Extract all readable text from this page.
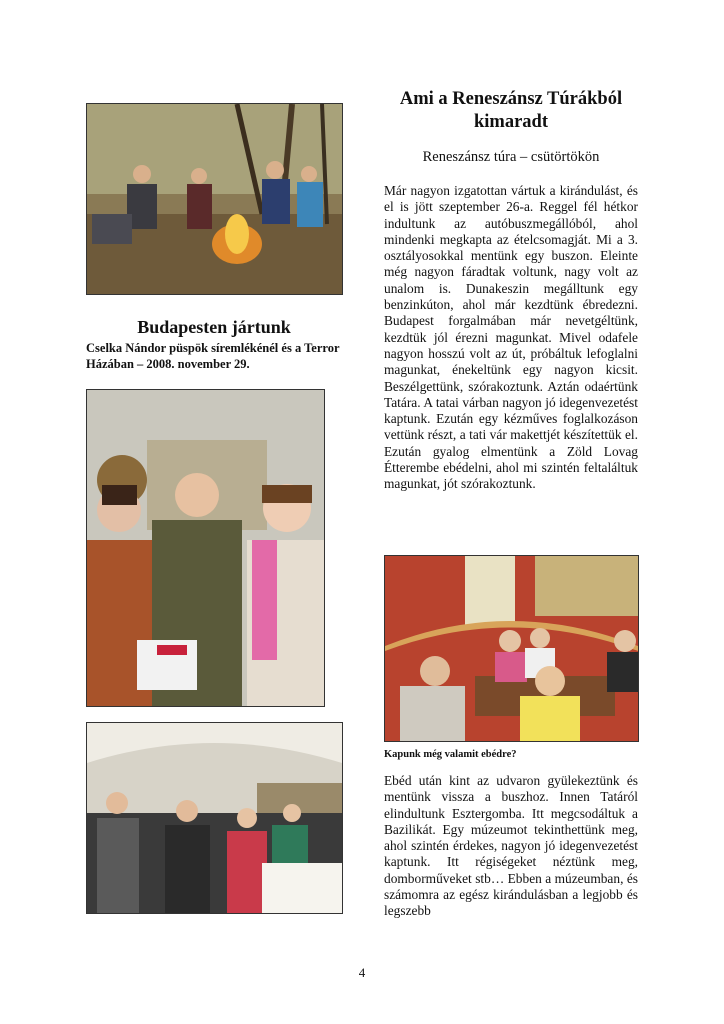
Budapesten jártunk

Cselka Nándor püspök síremlékénél és a Terror Házában – 2008. november 29.

Ami a Reneszánsz Túrákból kimaradt

Reneszánsz túra – csütörtökön

Már nagyon izgatottan vártuk a kirándulást, és el is jött szeptember 26-a. Reggel fél hétkor indultunk az autóbuszmegállóból, ahol mindenki megkapta az ételcsomagját. Mi a 3. osztályosokkal mentünk egy buszon. Eleinte még nagyon fáradtak voltunk, nagy volt az unalom is. Dunakeszin megálltunk egy benzinkúton, ahol már kezdtünk ébredezni. Budapest forgalmában már nevetgéltünk, kezdtük jól érezni magunkat. Mivel odafele nagyon hosszú volt az út, próbáltuk lefoglalni magunkat, énekeltünk egy nagyon kicsit. Beszélgettünk, szórakoztunk. Aztán odaértünk Tatára. A tatai várban nagyon jó idegenvezetést kaptunk. Ezután egy kézműves foglalkozáson vettünk részt, a tati vár makettjét készítettük el. Ezután gyalog elmentünk a Zöld Lovag Étterembe ebédelni, ahol mi szintén feltaláltuk magunkat, jót szórakoztunk.

Kapunk még valamit ebédre?

Ebéd után kint az udvaron gyülekeztünk és mentünk vissza a buszhoz. Innen Tatáról elindultunk Esztergomba. Itt megcsodáltuk a Bazilikát. Egy múzeumot tekinthettünk meg, ahol szintén érdekes, nagyon jó idegenvezetést kaptunk. Itt régiségeket néztünk meg, domborműveket stb… Ebben a múzeumban, és számomra az egész kirándulásban a legjobb és legszebb

4
